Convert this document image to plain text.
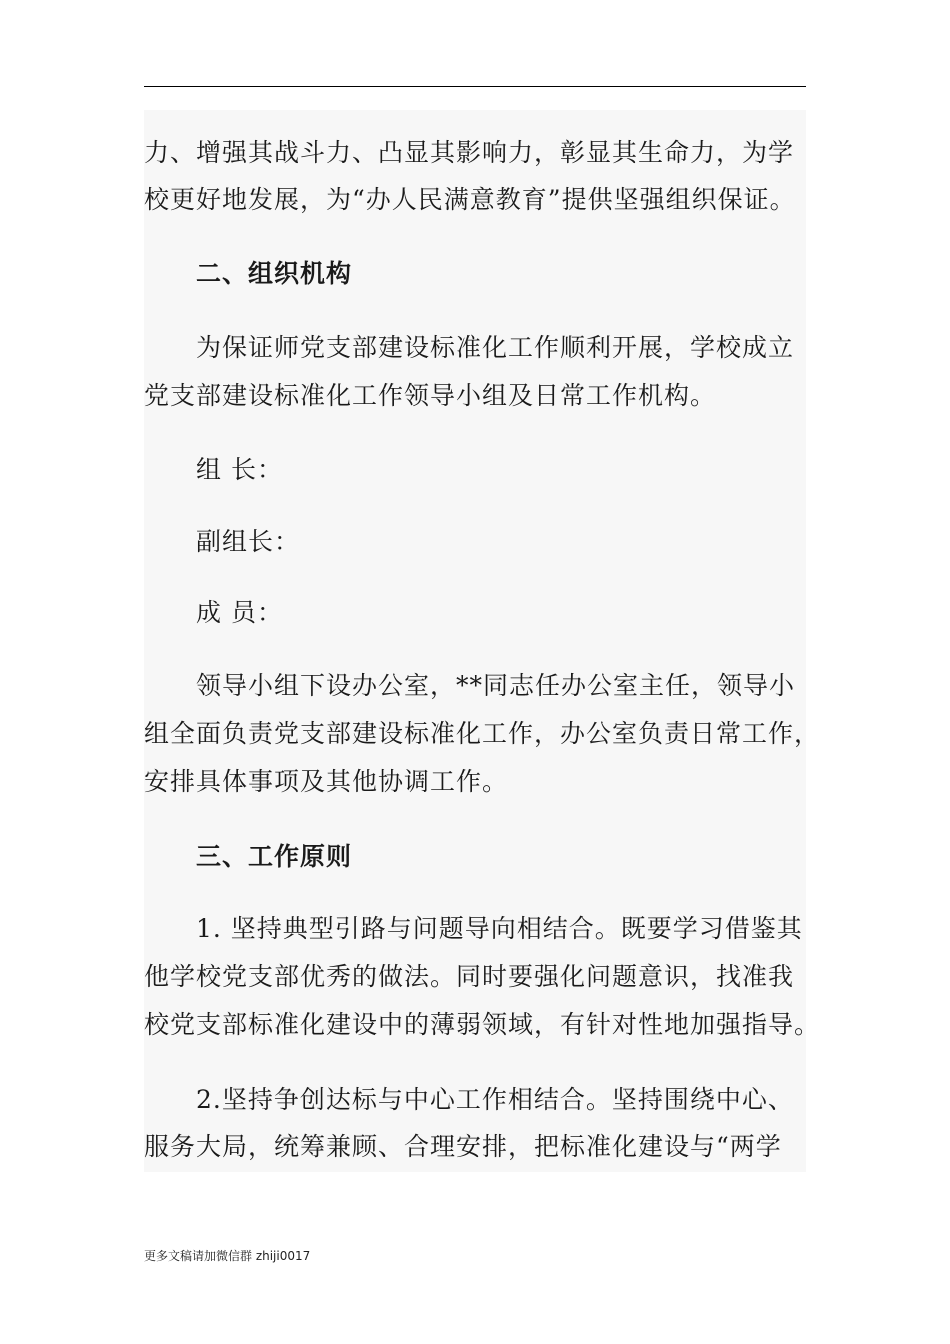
力、增强其战斗力、凸显其影响力，彰显其生命力，为学
校更好地发展，为“办人民满意教育”提供坚强组织保证。
二、组织机构
为保证师党支部建设标准化工作顺利开展，学校成立
党支部建设标准化工作领导小组及日常工作机构。
组 长：
副组长：
成 员：
领导小组下设办公室，**同志任办公室主任，领导小
组全面负责党支部建设标准化工作，办公室负责日常工作，
安排具体事项及其他协调工作。
三、工作原则
1. 坚持典型引路与问题导向相结合。既要学习借鉴其
他学校党支部优秀的做法。同时要强化问题意识，找准我
校党支部标准化建设中的薄弱领域，有针对性地加强指导。
2.坚持争创达标与中心工作相结合。坚持围绕中心、
服务大局，统筹兼顾、合理安排，把标准化建设与“两学
更多文稿请加微信群 zhiji0017
